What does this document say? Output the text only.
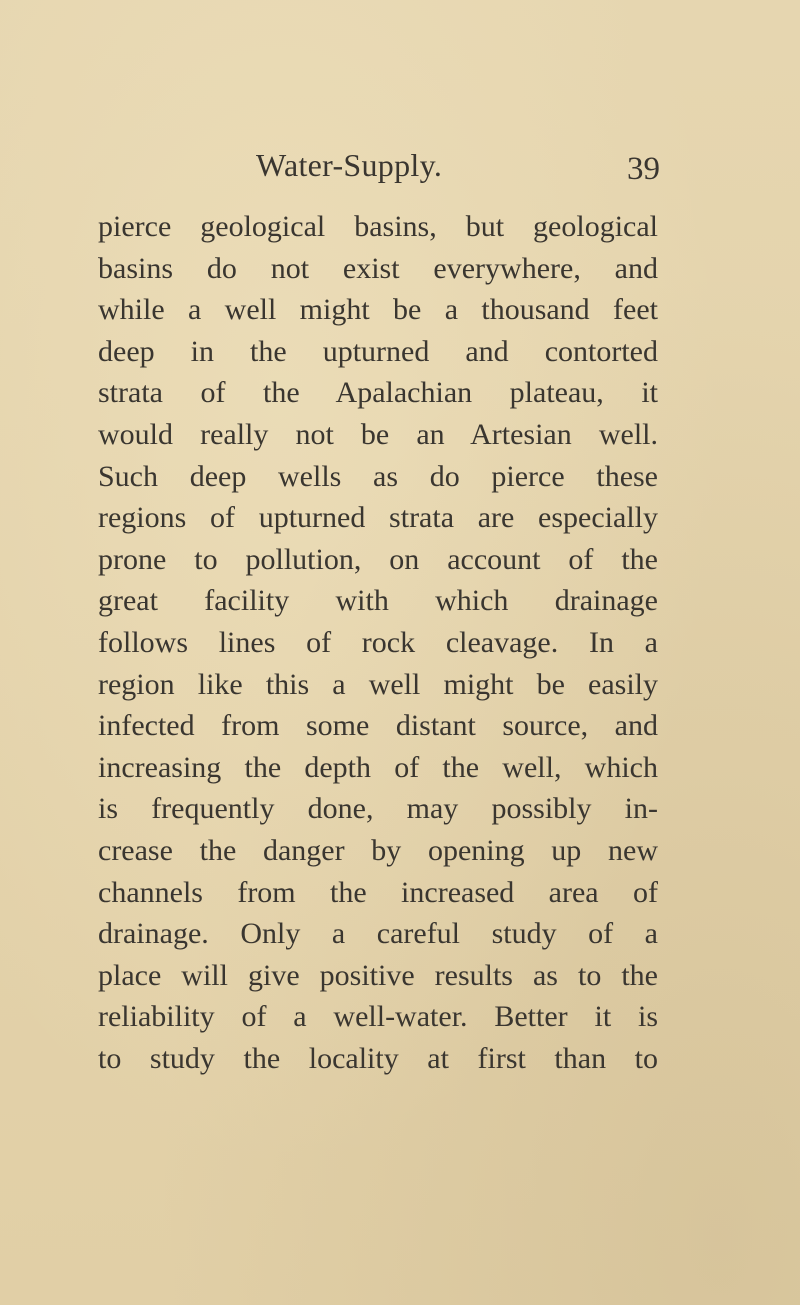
Water-Supply.	39
pierce geological basins, but geological
basins do not exist everywhere, and
while a well might be a thousand feet
deep in the upturned and contorted
strata of the Apalachian plateau, it
would really not be an Artesian well.
Such deep wells as do pierce these
regions of upturned strata are especially
prone to pollution, on account of the
great facility with which drainage
follows lines of rock cleavage. In a
region like this a well might be easily
infected from some distant source, and
increasing the depth of the well, which
is frequently done, may possibly in-
crease the danger by opening up new
channels from the increased area of
drainage. Only a careful study of a
place will give positive results as to the
reliability of a well-water. Better it is
to study the locality at first than to
